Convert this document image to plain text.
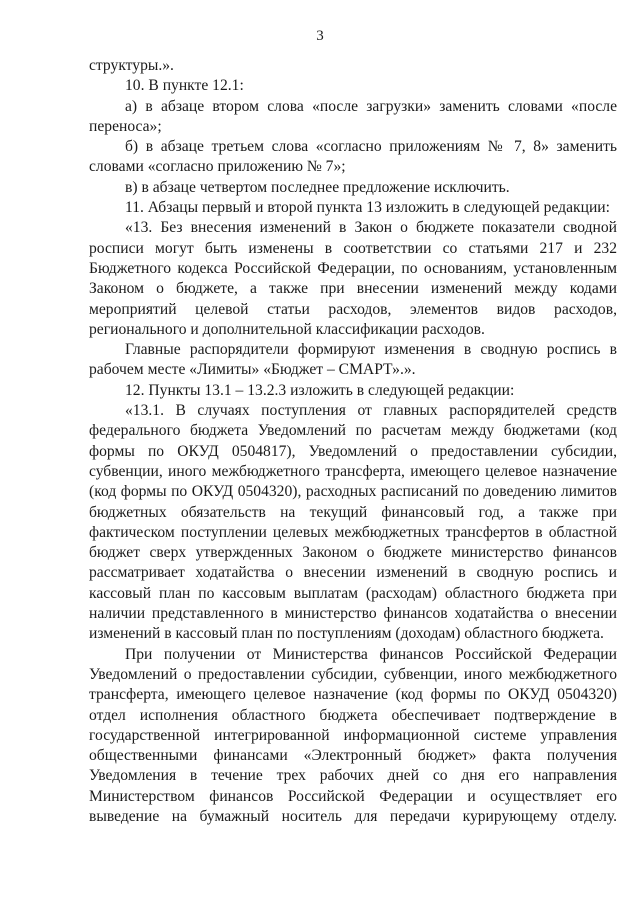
3

структуры.».

10. В пункте 12.1:

а) в абзаце втором слова «после загрузки» заменить словами «после переноса»;

б) в абзаце третьем слова «согласно приложениям № 7, 8» заменить словами «согласно приложению № 7»;

в) в абзаце четвертом последнее предложение исключить.

11. Абзацы первый и второй пункта 13 изложить в следующей редакции:

«13. Без внесения изменений в Закон о бюджете показатели сводной росписи могут быть изменены в соответствии со статьями 217 и 232 Бюджетного кодекса Российской Федерации, по основаниям, установленным Законом о бюджете, а также при внесении изменений между кодами мероприятий целевой статьи расходов, элементов видов расходов, регионального и дополнительной классификации расходов.

Главные распорядители формируют изменения в сводную роспись в рабочем месте «Лимиты» «Бюджет – СМАРТ».».

12. Пункты 13.1 – 13.2.3 изложить в следующей редакции:

«13.1. В случаях поступления от главных распорядителей средств федерального бюджета Уведомлений по расчетам между бюджетами (код формы по ОКУД 0504817), Уведомлений о предоставлении субсидии, субвенции, иного межбюджетного трансферта, имеющего целевое назначение (код формы по ОКУД 0504320), расходных расписаний по доведению лимитов бюджетных обязательств на текущий финансовый год, а также при фактическом поступлении целевых межбюджетных трансфертов в областной бюджет сверх утвержденных Законом о бюджете министерство финансов рассматривает ходатайства о внесении изменений в сводную роспись и кассовый план по кассовым выплатам (расходам) областного бюджета при наличии представленного в министерство финансов ходатайства о внесении изменений в кассовый план по поступлениям (доходам) областного бюджета.

При получении от Министерства финансов Российской Федерации Уведомлений о предоставлении субсидии, субвенции, иного межбюджетного трансферта, имеющего целевое назначение (код формы по ОКУД 0504320) отдел исполнения областного бюджета обеспечивает подтверждение в государственной интегрированной информационной системе управления общественными финансами «Электронный бюджет» факта получения Уведомления в течение трех рабочих дней со дня его направления Министерством финансов Российской Федерации и осуществляет его выведение на бумажный носитель для передачи курирующему отделу.
